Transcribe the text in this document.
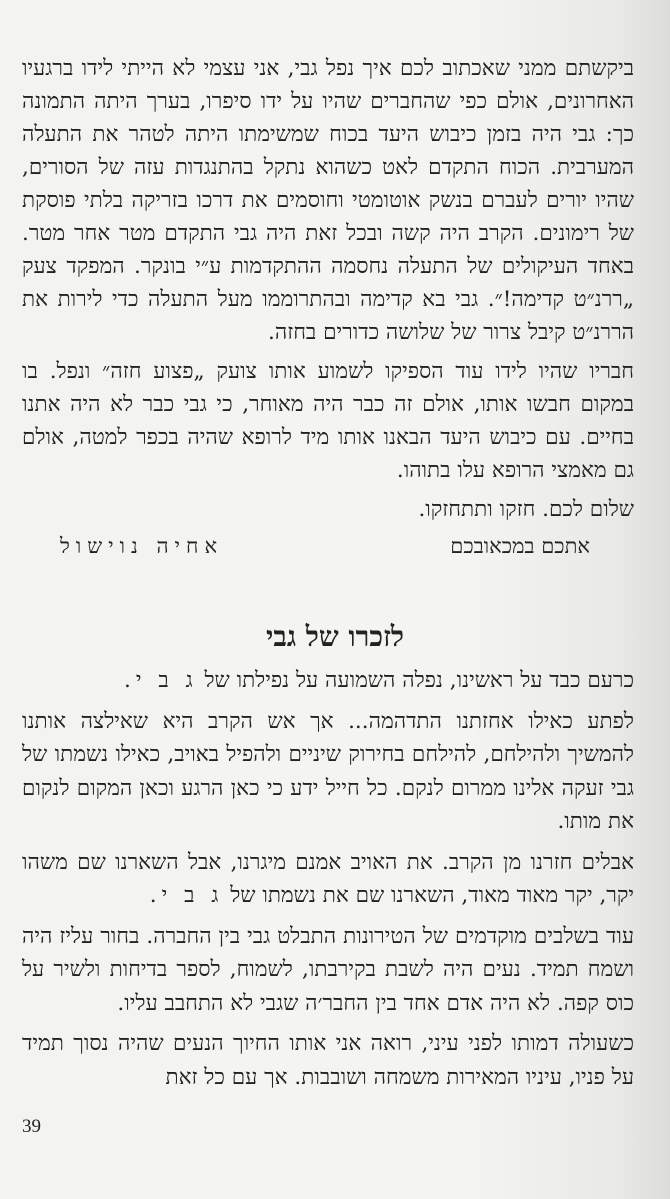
ביקשתם ממני שאכתוב לכם איך נפל גבי, אני עצמי לא הייתי לידו ברגעיו האחרונים, אולם כפי שהחברים שהיו על ידו סיפרו, בערך היתה התמונה כך: גבי היה בזמן כיבוש היעד בכוח שמשימתו היתה לטהר את התעלה המערבית. הכוח התקדם לאט כשהוא נתקל בהתנגדות עזה של הסורים, שהיו יורים לעברם בנשק אוטומטי וחוסמים את דרכו בזריקה בלתי פוסקת של רימונים. הקרב היה קשה ובכל זאת היה גבי התקדם מטר אחר מטר. באחד העיקולים של התעלה נחסמה ההתקדמות ע״י בונקר. המפקד צעק „ררנ״ט קדימה!״. גבי בא קדימה ובהתרוממו מעל התעלה כדי לירות את הררנ״ט קיבל צרור של שלושה כדורים בחזה.

חבריו שהיו לידו עוד הספיקו לשמוע אותו צועק „פצוע חזה״ ונפל. בו במקום חבשו אותו, אולם זה כבר היה מאוחר, כי גבי כבר לא היה אתנו בחיים. עם כיבוש היעד הבאנו אותו מיד לרופא שהיה בכפר למטה, אולם גם מאמצי הרופא עלו בתוהו.

שלום לכם. חזקו ותתחזקו.

אתכם במכאובכם
אחיה נוישול
לזכרו של גבי

כרעם כבד על ראשינו, נפלה השמועה על נפילתו של ג ב י.

לפתע כאילו אחזתנו התדהמה... אך אש הקרב היא שאילצה אותנו להמשיך ולהילחם, להילחם בחירוק שיניים ולהפיל באויב, כאילו נשמתו של גבי זעקה אלינו ממרום לנקם. כל חייל ידע כי כאן הרגע וכאן המקום לנקום את מותו.

אבלים חזרנו מן הקרב. את האויב אמנם מיגרנו, אבל השארנו שם משהו יקר, יקר מאוד מאוד, השארנו שם את נשמתו של ג ב י.

עוד בשלבים מוקדמים של הטירונות התבלט גבי בין החברה. בחור עליז היה ושמח תמיד. נעים היה לשבת בקירבתו, לשמוח, לספר בדיחות ולשיר על כוס קפה. לא היה אדם אחד בין החבר׳ה שגבי לא התחבב עליו.

כשעולה דמותו לפני עיני, רואה אני אותו החיוך הנעים שהיה נסוך תמיד על פניו, עיניו המאירות משמחה ושובבות. אך עם כל זאת

39
